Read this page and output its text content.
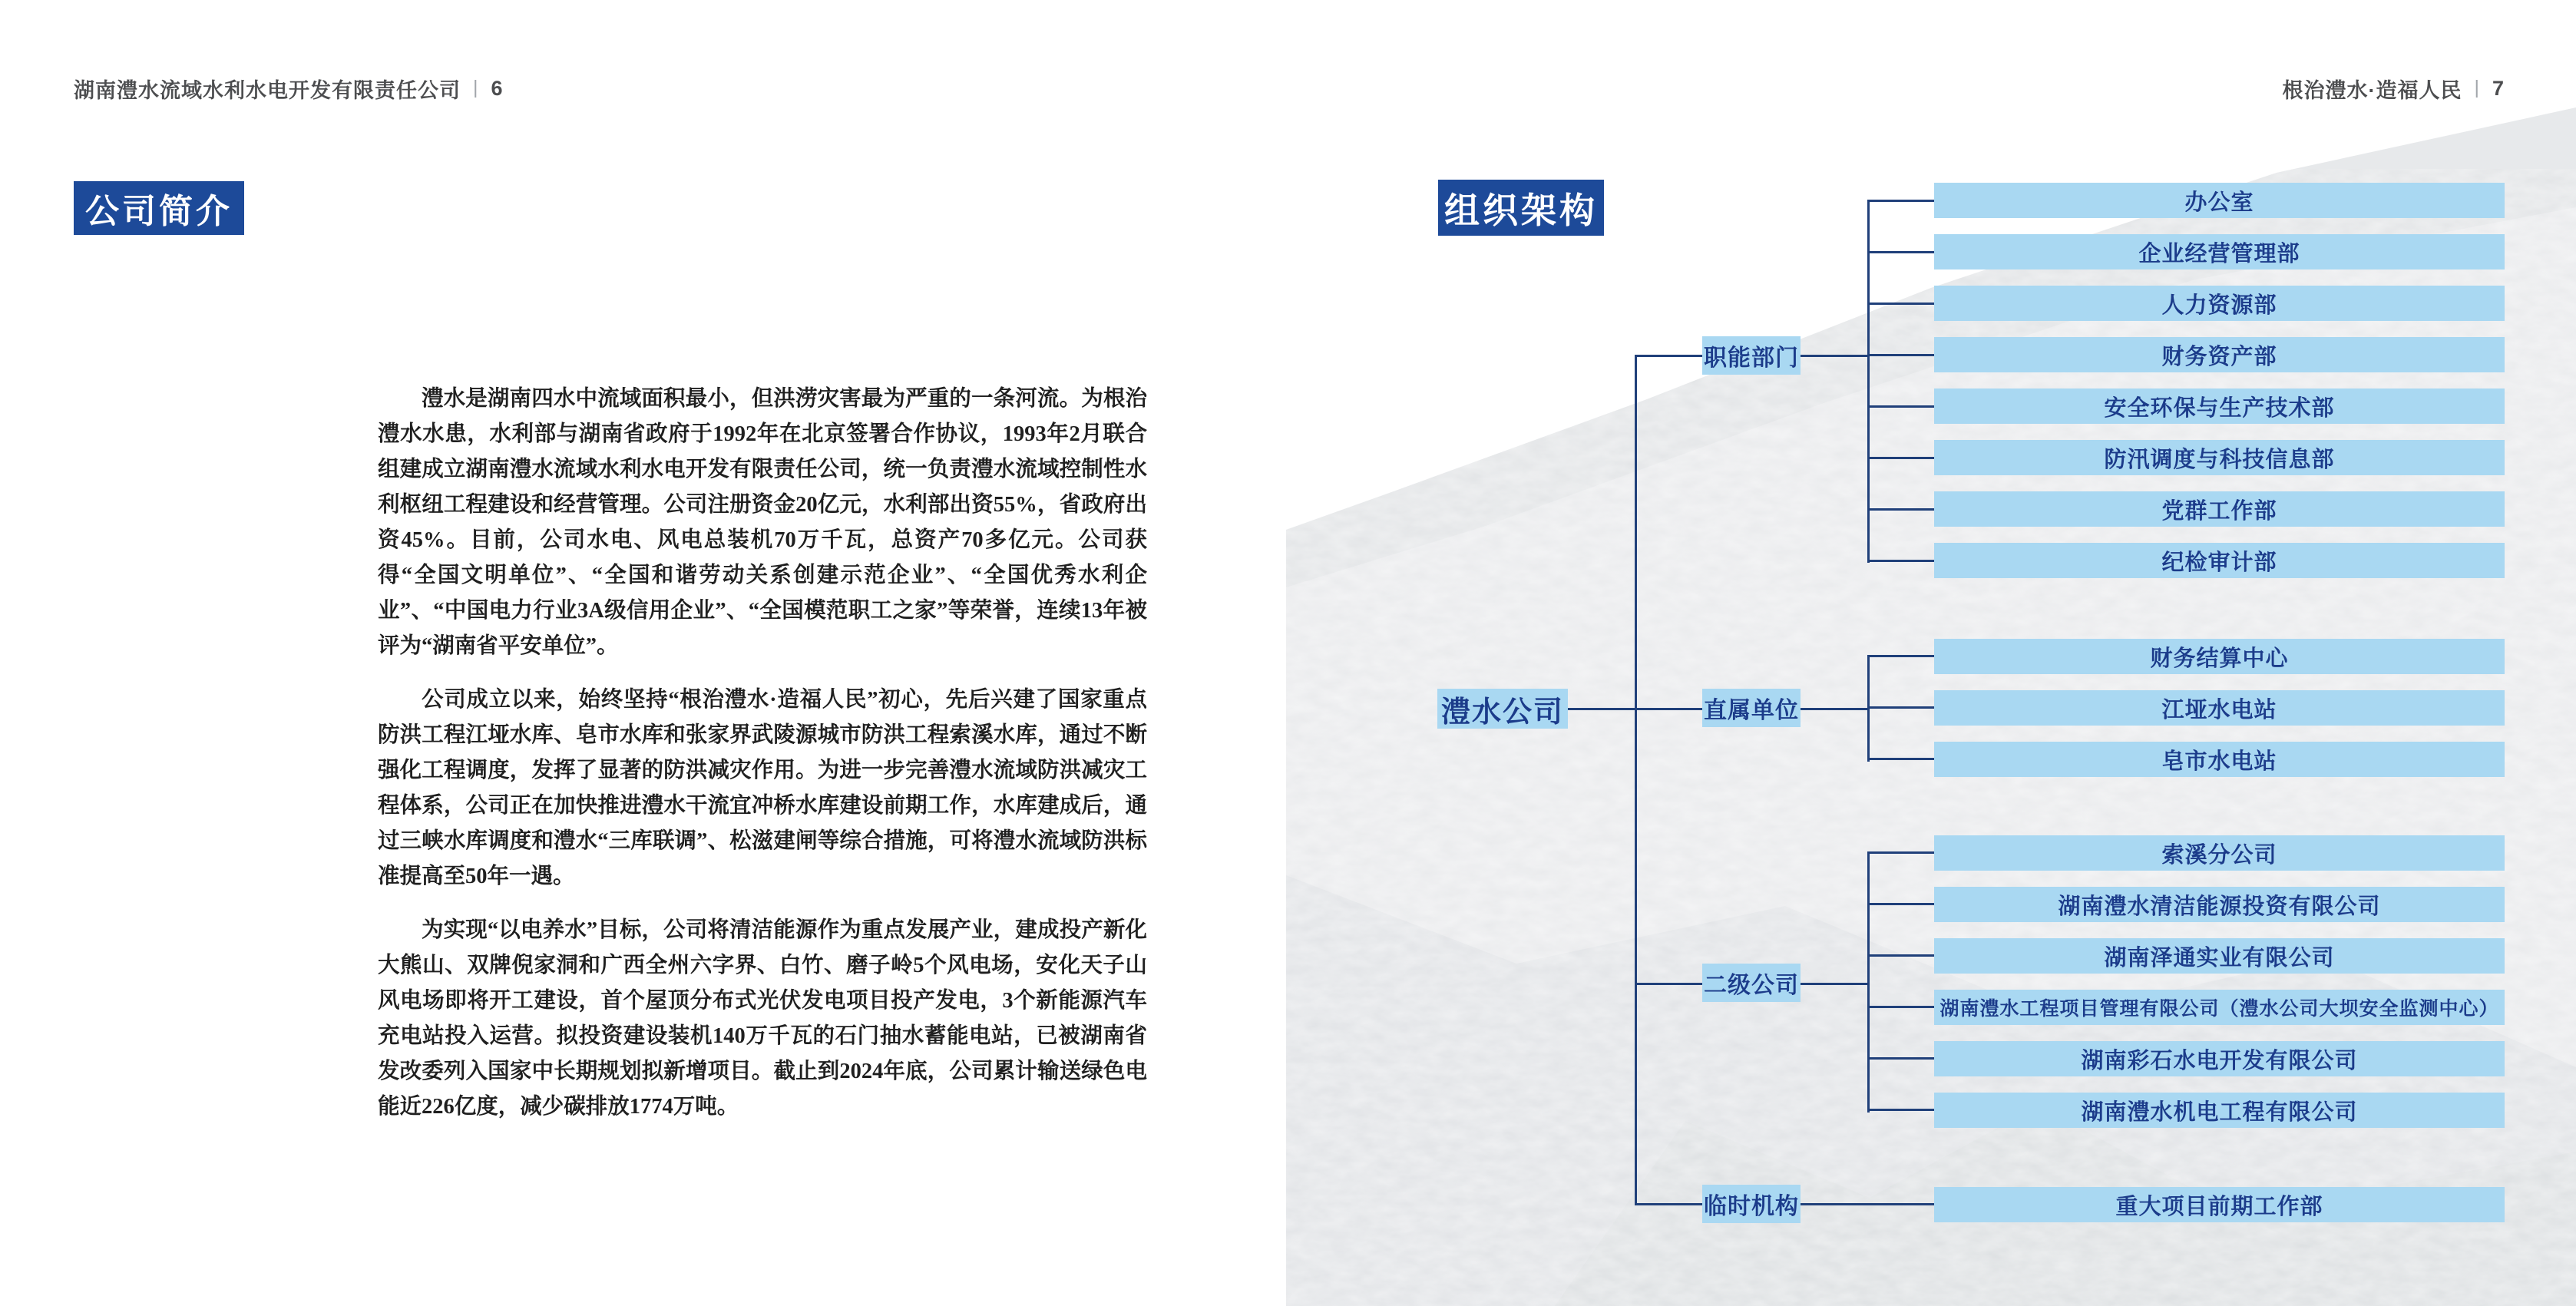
湖南澧水流域水利水电开发有限责任公司 | 6
公司简介

澧水是湖南四水中流域面积最小，但洪涝灾害最为严重的一条河流。为根治澧水水患，水利部与湖南省政府于1992年在北京签署合作协议，1993年2月联合组建成立湖南澧水流域水利水电开发有限责任公司，统一负责澧水流域控制性水利枢纽工程建设和经营管理。公司注册资金20亿元，水利部出资55%，省政府出资45%。目前，公司水电、风电总装机70万千瓦，总资产70多亿元。公司获得“全国文明单位”、“全国和谐劳动关系创建示范企业”、“全国优秀水利企业”、“中国电力行业3A级信用企业”、“全国模范职工之家”等荣誉，连续13年被评为“湖南省平安单位”。

公司成立以来，始终坚持“根治澧水·造福人民”初心，先后兴建了国家重点防洪工程江垭水库、皂市水库和张家界武陵源城市防洪工程索溪水库，通过不断强化工程调度，发挥了显著的防洪减灾作用。为进一步完善澧水流域防洪减灾工程体系，公司正在加快推进澧水干流宜冲桥水库建设前期工作，水库建成后，通过三峡水库调度和澧水“三库联调”、松滋建闸等综合措施，可将澧水流域防洪标准提高至50年一遇。

为实现“以电养水”目标，公司将清洁能源作为重点发展产业，建成投产新化大熊山、双牌倪家洞和广西全州六字界、白竹、磨子岭5个风电场，安化天子山风电场即将开工建设，首个屋顶分布式光伏发电项目投产发电，3个新能源汽车充电站投入运营。拟投资建设装机140万千瓦的石门抽水蓄能电站，已被湖南省发改委列入国家中长期规划拟新增项目。截止到2024年底，公司累计输送绿色电能近226亿度，减少碳排放1774万吨。

根治澧水·造福人民 | 7
组织架构
澧水公司
职能部门
直属单位
二级公司
临时机构
办公室
企业经营管理部
人力资源部
财务资产部
安全环保与生产技术部
防汛调度与科技信息部
党群工作部
纪检审计部
财务结算中心
江垭水电站
皂市水电站
索溪分公司
湖南澧水清洁能源投资有限公司
湖南泽通实业有限公司
湖南澧水工程项目管理有限公司（澧水公司大坝安全监测中心）
湖南彩石水电开发有限公司
湖南澧水机电工程有限公司
重大项目前期工作部
